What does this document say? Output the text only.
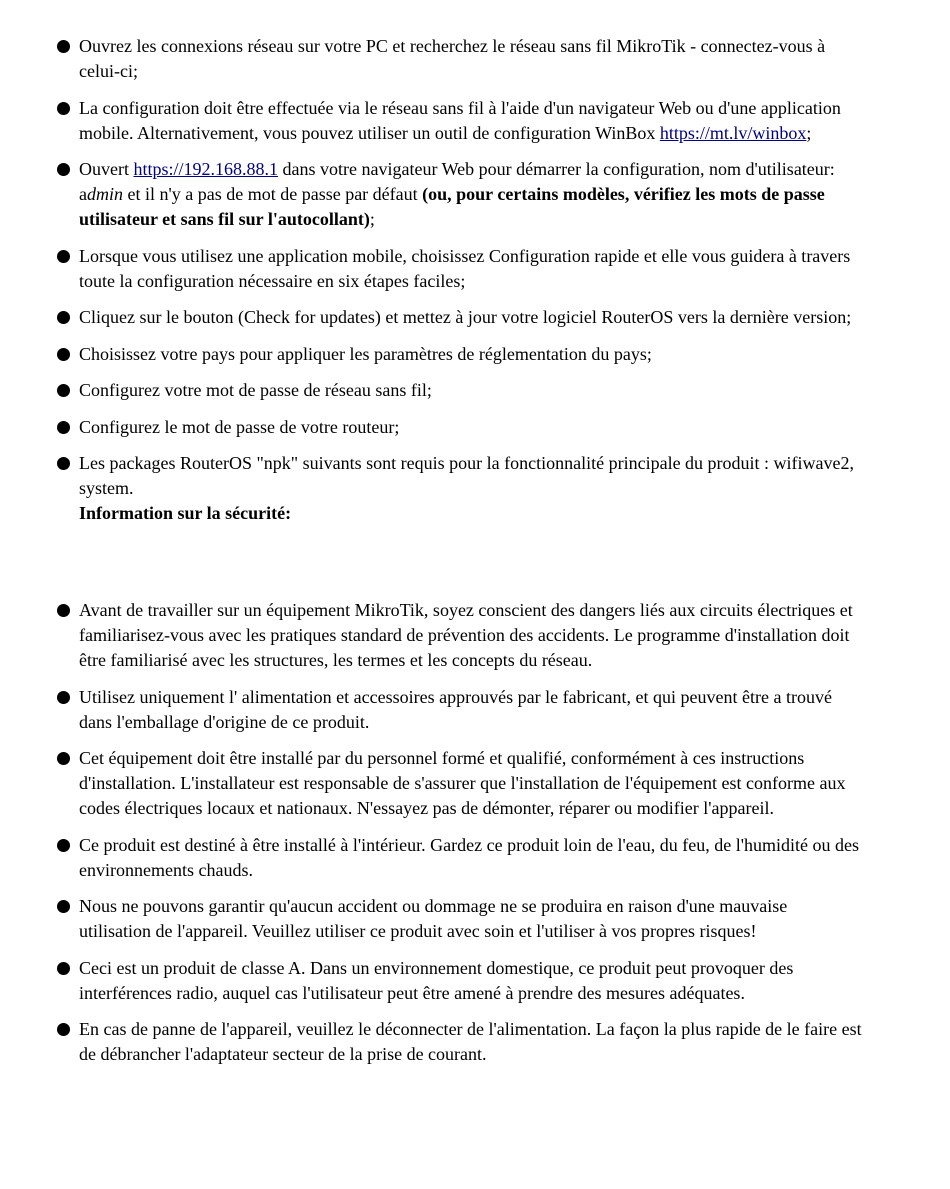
Ouvrez les connexions réseau sur votre PC et recherchez le réseau sans fil MikroTik - connectez-vous à celui-ci;
La configuration doit être effectuée via le réseau sans fil à l'aide d'un navigateur Web ou d'une application mobile. Alternativement, vous pouvez utiliser un outil de configuration WinBox https://mt.lv/winbox;
Ouvert https://192.168.88.1 dans votre navigateur Web pour démarrer la configuration, nom d'utilisateur: admin et il n'y a pas de mot de passe par défaut (ou, pour certains modèles, vérifiez les mots de passe utilisateur et sans fil sur l'autocollant);
Lorsque vous utilisez une application mobile, choisissez Configuration rapide et elle vous guidera à travers toute la configuration nécessaire en six étapes faciles;
Cliquez sur le bouton (Check for updates) et mettez à jour votre logiciel RouterOS vers la dernière version;
Choisissez votre pays pour appliquer les paramètres de réglementation du pays;
Configurez votre mot de passe de réseau sans fil;
Configurez le mot de passe de votre routeur;
Les packages RouterOS "npk" suivants sont requis pour la fonctionnalité principale du produit : wifiwave2, system.
Information sur la sécurité:
Avant de travailler sur un équipement MikroTik, soyez conscient des dangers liés aux circuits électriques et familiarisez-vous avec les pratiques standard de prévention des accidents. Le programme d'installation doit être familiarisé avec les structures, les termes et les concepts du réseau.
Utilisez uniquement l' alimentation et accessoires approuvés par le fabricant, et qui peuvent être a trouvé dans l'emballage d'origine de ce produit.
Cet équipement doit être installé par du personnel formé et qualifié, conformément à ces instructions d'installation. L'installateur est responsable de s'assurer que l'installation de l'équipement est conforme aux codes électriques locaux et nationaux. N'essayez pas de démonter, réparer ou modifier l'appareil.
Ce produit est destiné à être installé à l'intérieur. Gardez ce produit loin de l'eau, du feu, de l'humidité ou des environnements chauds.
Nous ne pouvons garantir qu'aucun accident ou dommage ne se produira en raison d'une mauvaise utilisation de l'appareil. Veuillez utiliser ce produit avec soin et l'utiliser à vos propres risques!
Ceci est un produit de classe A. Dans un environnement domestique, ce produit peut provoquer des interférences radio, auquel cas l'utilisateur peut être amené à prendre des mesures adéquates.
En cas de panne de l'appareil, veuillez le déconnecter de l'alimentation. La façon la plus rapide de le faire est de débrancher l'adaptateur secteur de la prise de courant.
